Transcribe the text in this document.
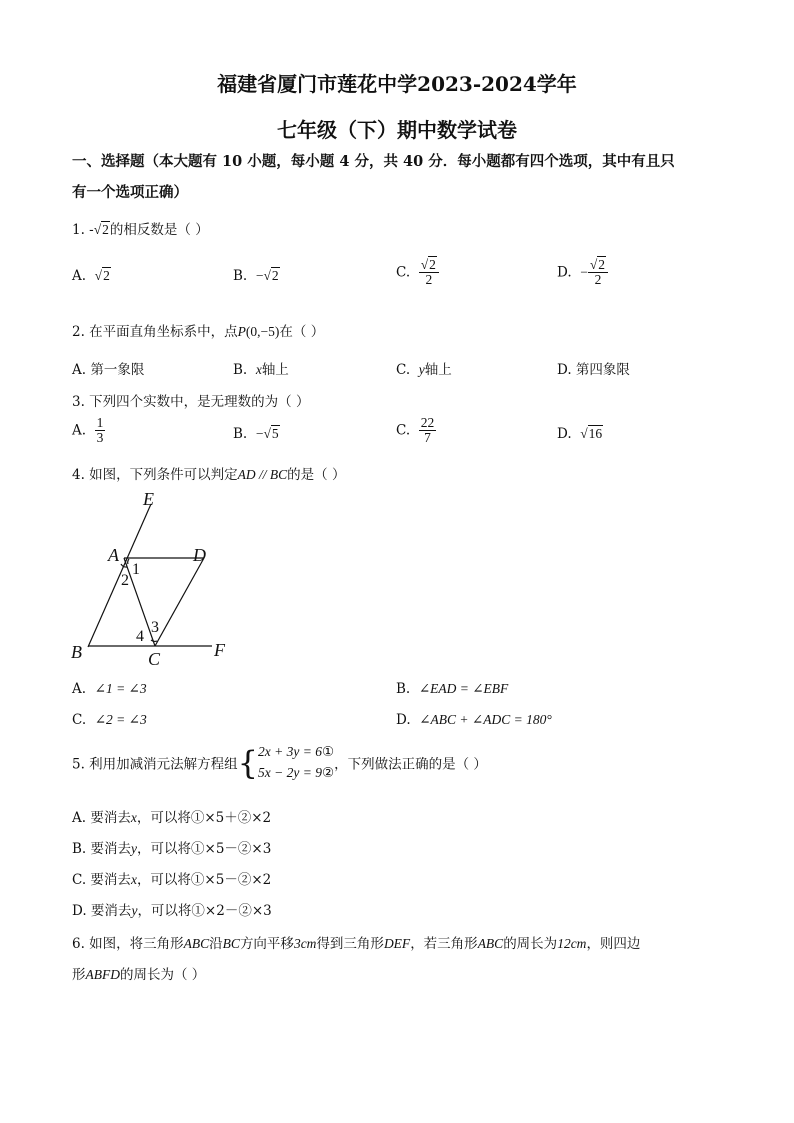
福建省厦门市莲花中学2023-2024学年
七年级（下）期中数学试卷
一、选择题（本大题有 10 小题，每小题 4 分，共 40 分．每小题都有四个选项，其中有且只
有一个选项正确）
1. -√2的相反数是（ ）
A. √2	B. −√2	C. $\frac{√2}{2}$	D. − $\frac{√2}{2}$
2. 在平面直角坐标系中，点P(0,−5)在（ ）
A. 第一象限	B. x轴上	C. y轴上	D. 第四象限
3. 下列四个实数中，是无理数的为（ ）
A. $\frac{1}{3}$	B. −√5	C. $\frac{22}{7}$	D. √16
4. 如图，下列条件可以判定AD // BC的是（ ）
E
A	D
B	C	F
1
2
3
4
A. ∠1 = ∠3	B. ∠EAD = ∠EBF
C. ∠2 = ∠3	D. ∠ABC + ∠ADC = 180°
5. 利用加减消元法解方程组{ 2x + 3y = 6①
5x − 2y = 9② ，下列做法正确的是（ ）
A. 要消去x，可以将①×5＋②×2
B. 要消去y，可以将①×5－②×3
C. 要消去x，可以将①×5－②×2
D. 要消去y，可以将①×2－②×3
6. 如图，将三角形ABC沿BC方向平移3cm得到三角形DEF，若三角形ABC的周长为12cm，则四边
形ABFD的周长为（ ）
